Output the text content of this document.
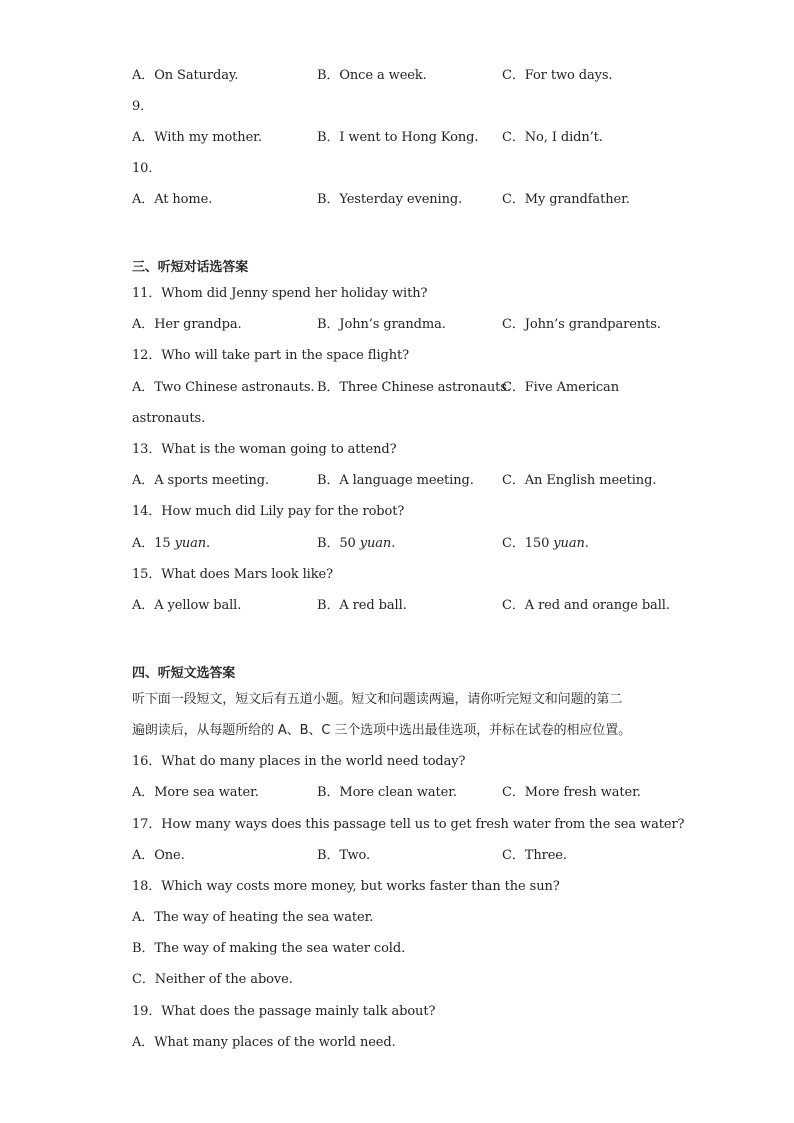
A．On Saturday.	B．Once a week.	C．For two days.
9．
A．With my mother.	B．I went to Hong Kong. C．No, I didn’t.
10．
A．At home.	B．Yesterday evening.	C．My grandfather.
三、听短对话选答案
11．Whom did Jenny spend her holiday with?
A．Her grandpa.	B．John’s grandma.	C．John’s grandparents.
12．Who will take part in the space flight?
A．Two Chinese astronauts. B．Three Chinese astronauts.
C．Five American
astronauts.
13．What is the woman going to attend?
A．A sports meeting.	B．A language meeting. C．An English meeting.
14．How much did Lily pay for the robot?
A．15 yuan.	B．50 yuan.	C．150 yuan.
15．What does Mars look like?
A．A yellow ball.	B．A red ball.	C．A red and orange ball.
四、听短文选答案
听下面一段短文，短文后有五道小题。短文和问题读两遍，请你听完短文和问题的第二
遍朗读后，从每题所给的 A、B、C 三个选项中选出最佳选项，并标在试卷的相应位置。
16．What do many places in the world need today?
A．More sea water.	B．More clean water.	C．More fresh water.
17．How many ways does this passage tell us to get fresh water from the sea water?
A．One.	B．Two.	C．Three.
18．Which way costs more money, but works faster than the sun?
A．The way of heating the sea water.
B．The way of making the sea water cold.
C．Neither of the above.
19．What does the passage mainly talk about?
A．What many places of the world need.
